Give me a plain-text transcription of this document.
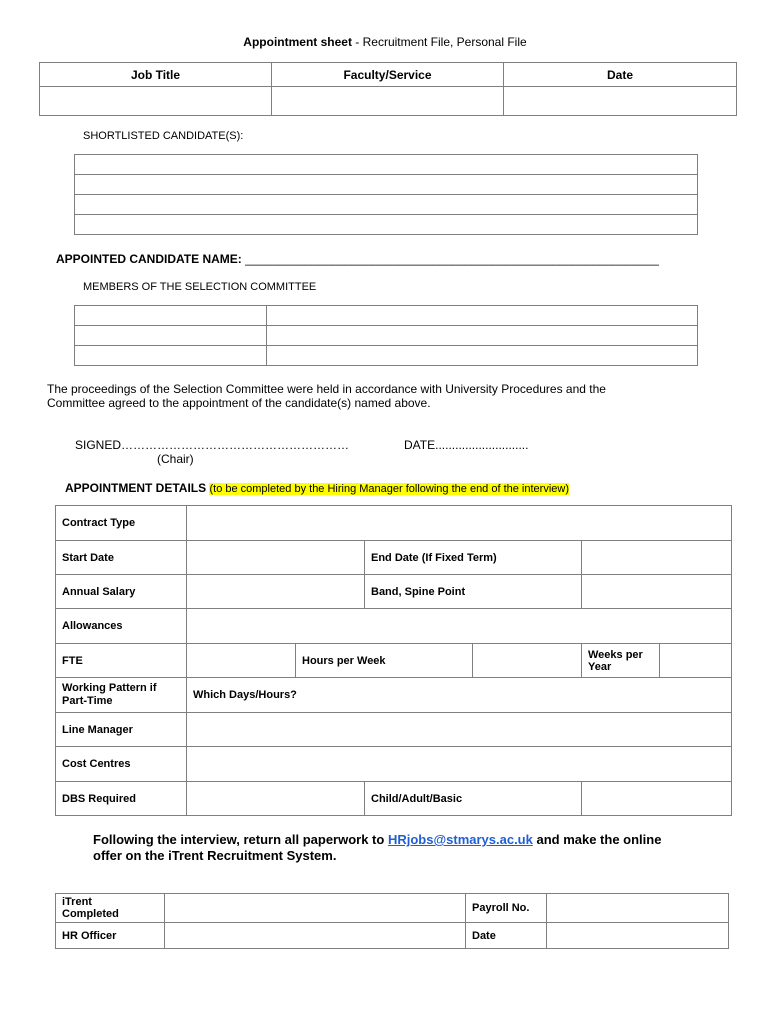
Appointment sheet - Recruitment File, Personal File
Job Title	Faculty/Service	Date

SHORTLISTED CANDIDATE(S):

APPOINTED CANDIDATE NAME: ______________________________________________________________
MEMBERS OF THE SELECTION COMMITTEE

The proceedings of the Selection Committee were held in accordance with University Procedures and the
Committee agreed to the appointment of the candidate(s) named above.
SIGNED…………………………………………………	DATE............................
(Chair)
APPOINTMENT DETAILS (to be completed by the Hiring Manager following the end of the interview)
Contract Type						
Start Date			End Date (If Fixed Term)			
Annual Salary			Band, Spine Point			
Allowances						
FTE		Hours per Week			Weeks per Year	

Working Pattern if
Part-Time	Which Days/Hours?					
Line Manager						
Cost Centres						
DBS Required			Child/Adult/Basic			
Following the interview, return all paperwork to HRjobs@stmarys.ac.uk and make the online
offer on the iTrent Recruitment System.
iTrent
Completed		Payroll No.	
HR Officer		Date	
